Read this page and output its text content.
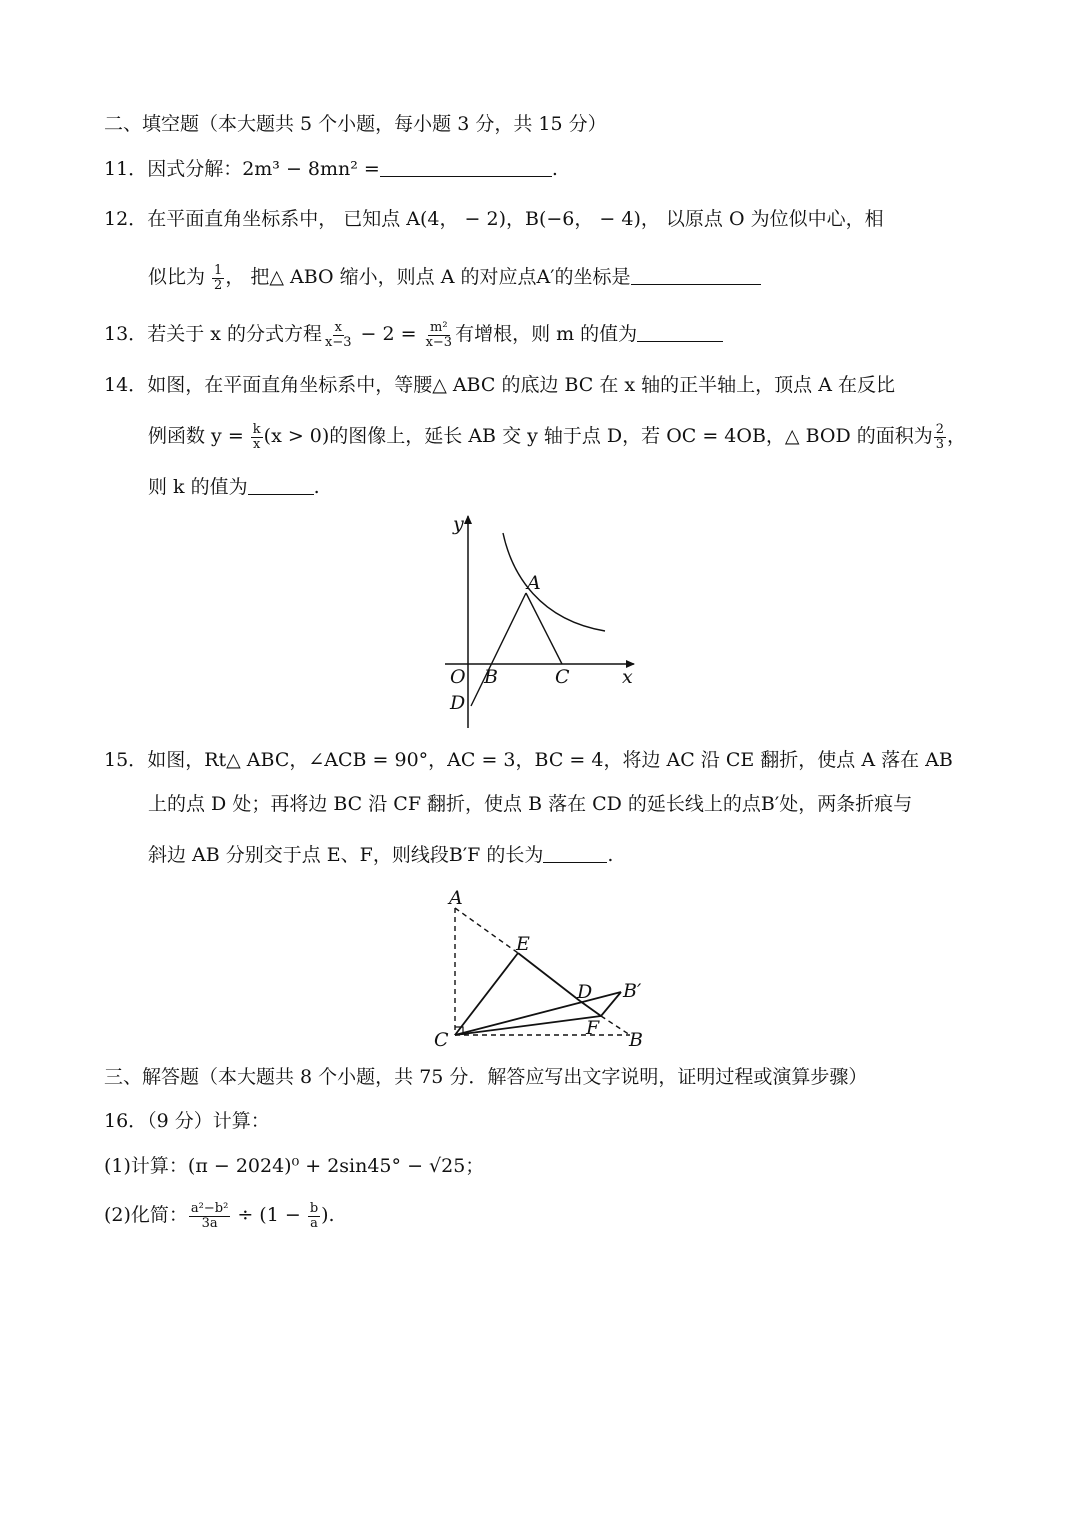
二、填空题（本大题共 5 个小题，每小题 3 分，共 15 分）
11．因式分解：2m³ − 8mn² =	.
12．在平面直角坐标系中， 已知点 A(4， − 2)，B(−6， − 4)， 以原点 O 为位似中心，相
似比为 $\frac{1}{2}$ ， 把△ ABO 缩小，则点 A 的对应点A′的坐标是
13．若关于 x 的分式方程 $\frac{x}{x-3} - 2 = \frac{\text{m²}}{x-3}$ 有增根，则 m 的值为
14．如图，在平面直角坐标系中，等腰△ ABC 的底边 BC 在 x 轴的正半轴上，顶点 A 在反比
例函数 $y = \frac{k}{x} (x > 0)$的图像上，延长 AB 交 y 轴于点 D，若 OC = 4OB，△ BOD 的面积为 $\frac{2}{3}$ ，
则 k 的值为	.
y
x
A
O B	C
D
15．如图，Rt△ ABC，∠ACB = 90°，AC = 3，BC = 4，将边 AC 沿 CE 翻折，使点 A 落在 AB
上的点 D 处；再将边 BC 沿 CF 翻折，使点 B 落在 CD 的延长线上的点B′处，两条折痕与
斜边 AB 分别交于点 E、F，则线段B′F 的长为	.
A
E
D B′
F
C	B
三、解答题（本大题共 8 个小题，共 75 分．解答应写出文字说明，证明过程或演算步骤）
16．（9 分）计算：
(1)计算：(π − 2024)⁰ + 2sin45° − √25；
(2)化简： $\frac{\text{a²−b²}}{3a} \div (1 - \frac{b}{a}$ ).
